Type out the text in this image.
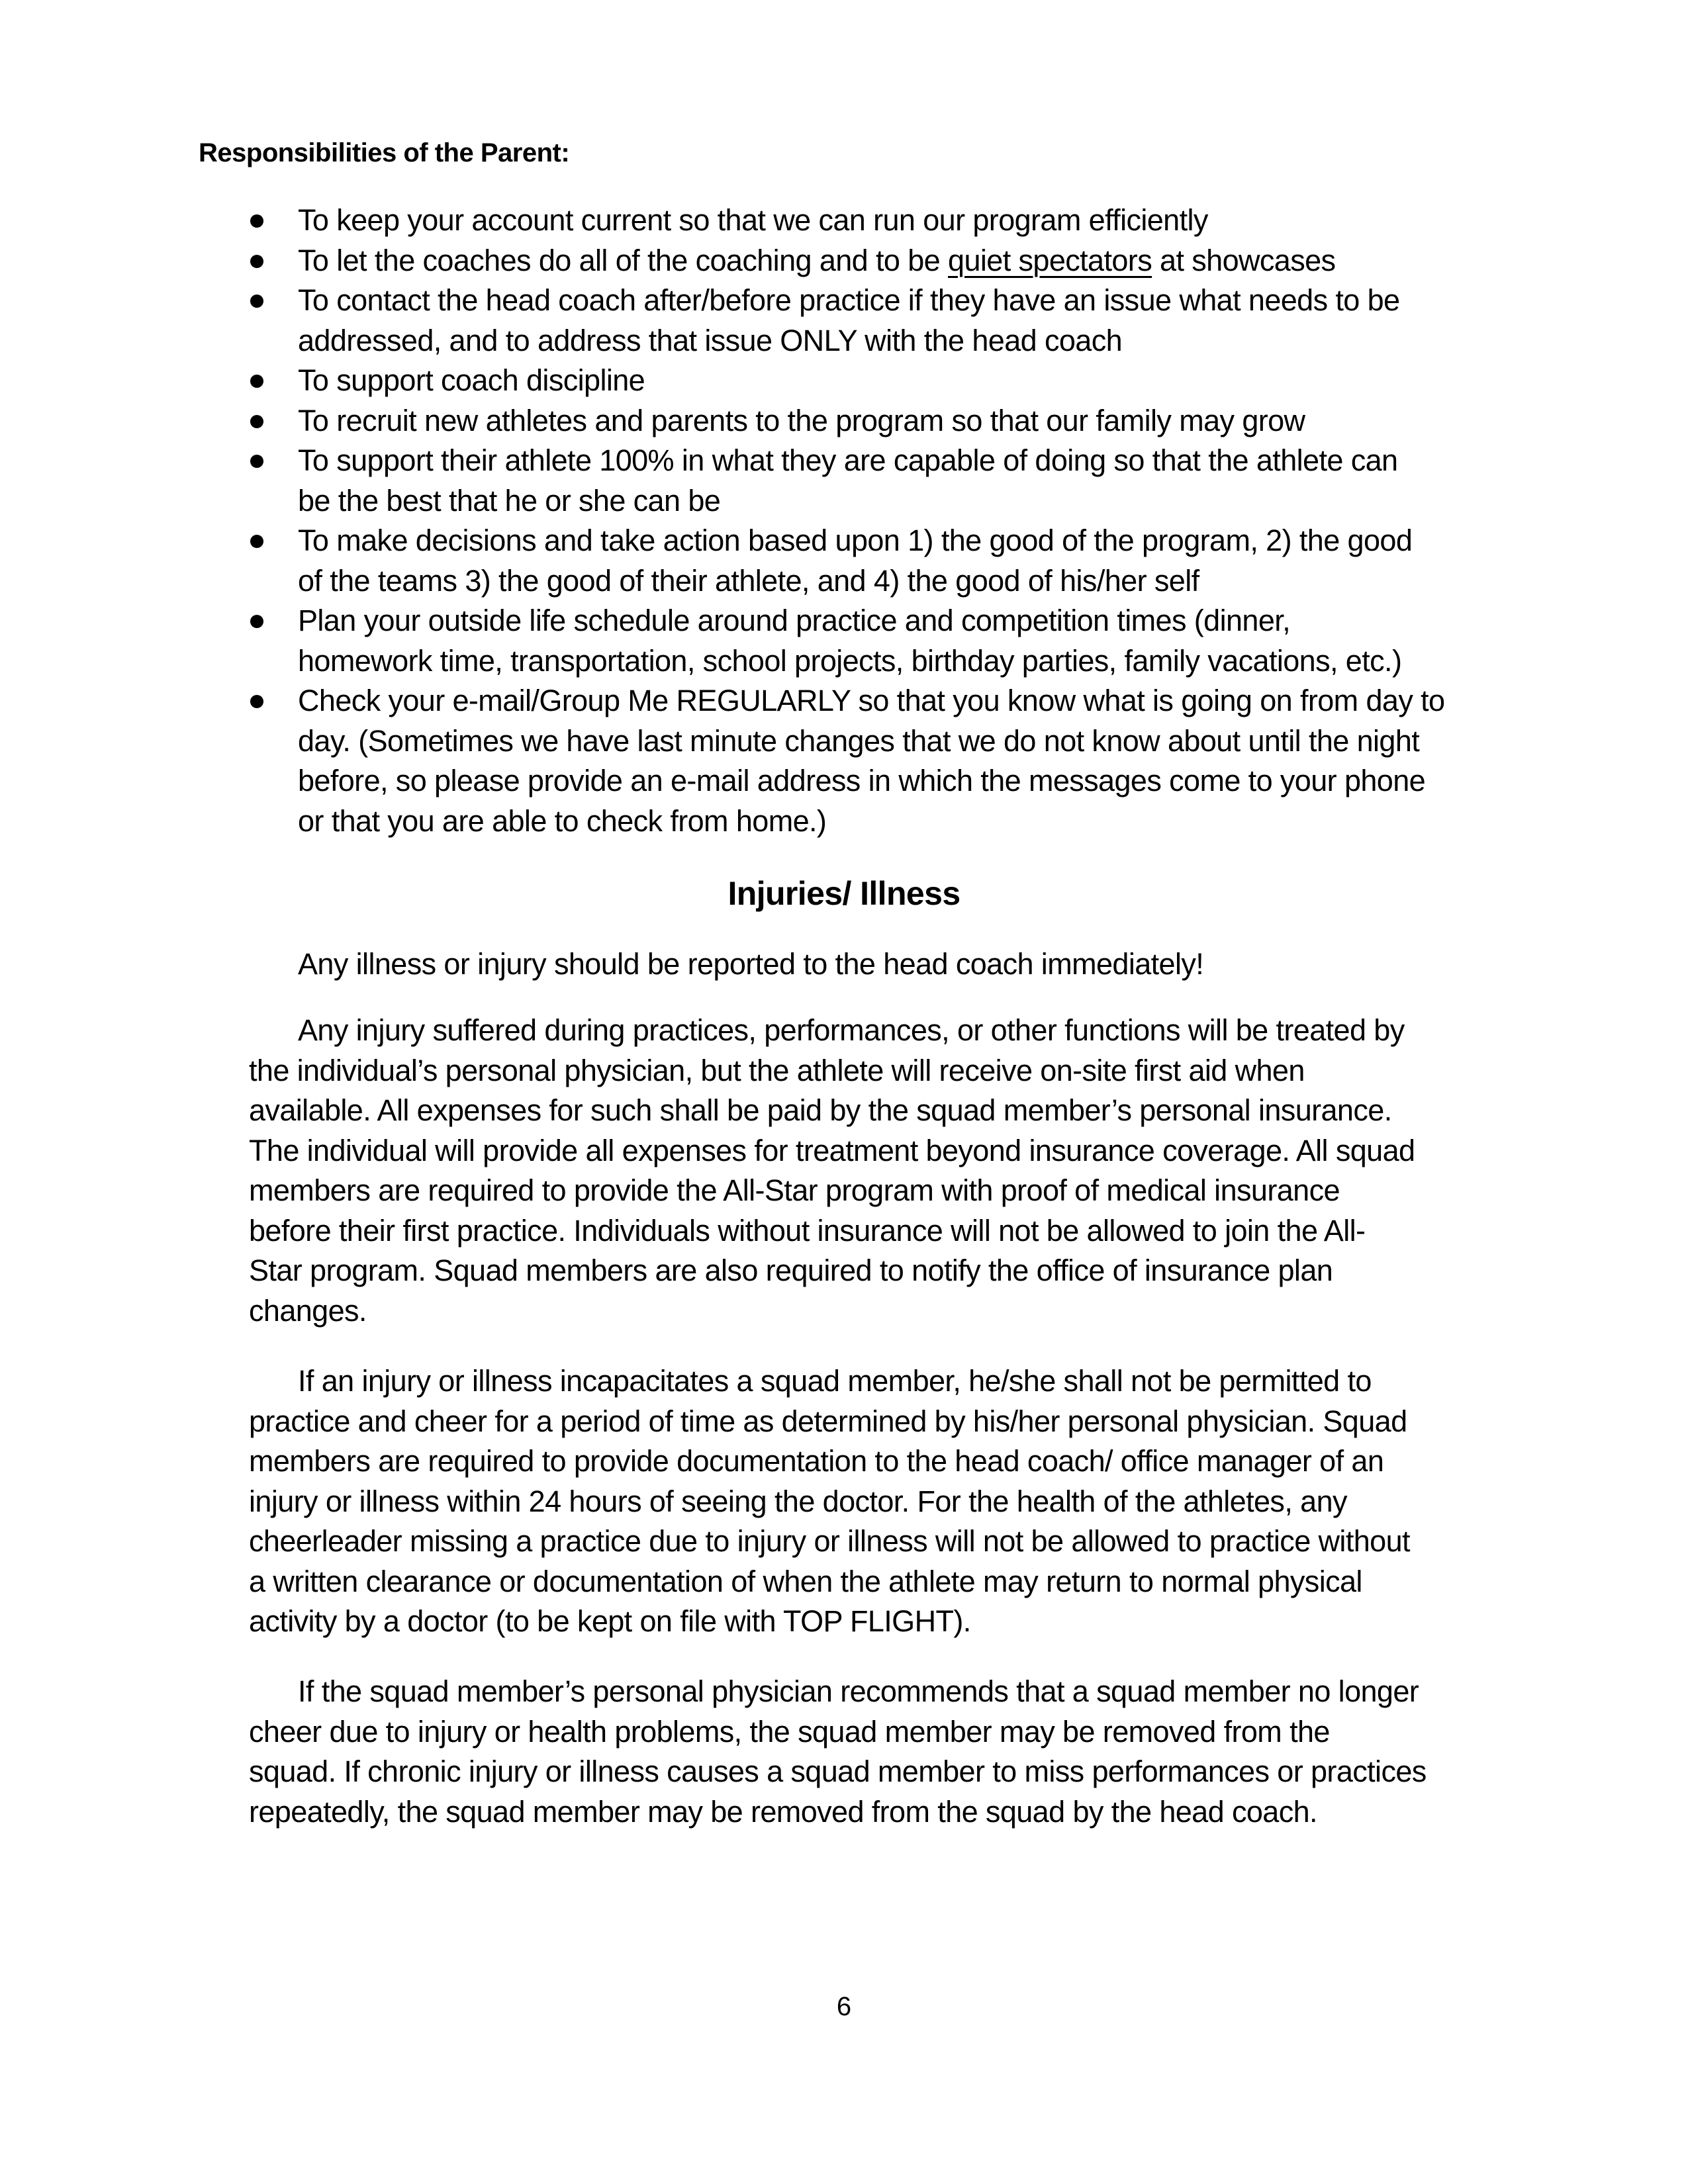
Responsibilities of the Parent:

To keep your account current so that we can run our program efficiently
To let the coaches do all of the coaching and to be quiet spectators at showcases
To contact the head coach after/before practice if they have an issue what needs to be
addressed, and to address that issue ONLY with the head coach
To support coach discipline
To recruit new athletes and parents to the program so that our family may grow
To support their athlete 100% in what they are capable of doing so that the athlete can
be the best that he or she can be
To make decisions and take action based upon 1) the good of the program, 2) the good
of the teams 3) the good of their athlete, and 4) the good of his/her self
Plan your outside life schedule around practice and competition times (dinner,
homework time, transportation, school projects, birthday parties, family vacations, etc.)
Check your e-mail/Group Me REGULARLY so that you know what is going on from day to
day. (Sometimes we have last minute changes that we do not know about until the night
before, so please provide an e-mail address in which the messages come to your phone
or that you are able to check from home.)
Injuries/ Illness

Any illness or injury should be reported to the head coach immediately!

Any injury suffered during practices, performances, or other functions will be treated by
the individual’s personal physician, but the athlete will receive on-site first aid when
available. All expenses for such shall be paid by the squad member’s personal insurance.
The individual will provide all expenses for treatment beyond insurance coverage. All squad
members are required to provide the All-Star program with proof of medical insurance
before their first practice. Individuals without insurance will not be allowed to join the All-
Star program. Squad members are also required to notify the office of insurance plan
changes.

If an injury or illness incapacitates a squad member, he/she shall not be permitted to
practice and cheer for a period of time as determined by his/her personal physician. Squad
members are required to provide documentation to the head coach/ office manager of an
injury or illness within 24 hours of seeing the doctor. For the health of the athletes, any
cheerleader missing a practice due to injury or illness will not be allowed to practice without
a written clearance or documentation of when the athlete may return to normal physical
activity by a doctor (to be kept on file with TOP FLIGHT).

If the squad member’s personal physician recommends that a squad member no longer
cheer due to injury or health problems, the squad member may be removed from the
squad. If chronic injury or illness causes a squad member to miss performances or practices
repeatedly, the squad member may be removed from the squad by the head coach.

6
